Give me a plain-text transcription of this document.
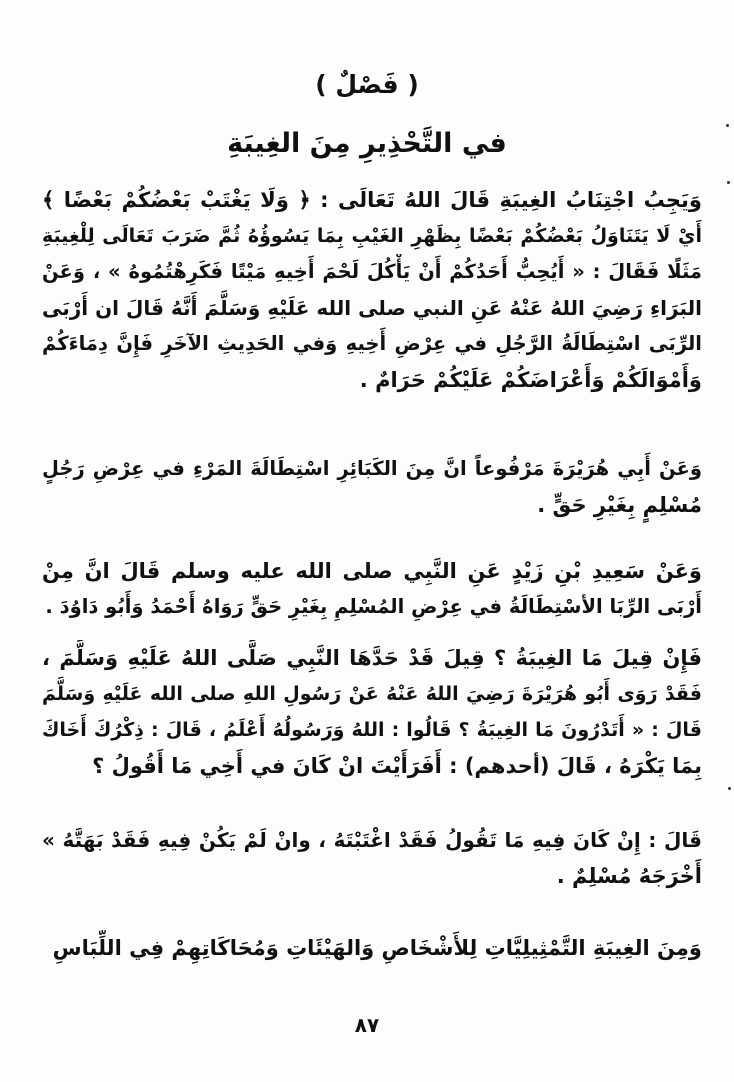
( فَصْلٌ )
في التَّحْذِيرِ مِنَ الغِيبَةِ
وَيَجِبُ اجْتِنَابُ الغِيبَةِ قَالَ اللهُ تَعَالَى : ﴿ وَلَا يَغْتَبْ بَعْضُكُمْ بَعْضًا ﴾
أَيْ لَا يَتَنَاوَلُ بَعْضُكُمْ بَعْضًا بِظَهْرِ الغَيْبِ بِمَا يَسُوؤُهُ ثُمَّ ضَرَبَ تَعَالَى لِلْغِيبَةِ
مَثَلًا فَقَالَ : « أَيُحِبُّ أَحَدُكُمْ أَنْ يَأْكُلَ لَحْمَ أَخِيهِ مَيْتًا فَكَرِهْتُمُوهُ » ، وَعَنْ
البَرَاءِ رَضِيَ اللهُ عَنْهُ عَنِ النبي صلى الله عَلَيْهِ وَسَلَّمَ أَنَّهُ قَالَ ان أَرْبَى
الرِّبَى اسْتِطَالَةُ الرَّجُلِ في عِرْضِ أَخِيهِ وَفي الحَدِيثِ الآخَرِ فَإِنَّ دِمَاءَكُمْ
وَأَمْوَالَكُمْ وَأَعْرَاضَكُمْ عَلَيْكُمْ حَرَامٌ .
وَعَنْ أَبِي هُرَيْرَةَ مَرْفُوعاً انَّ مِنَ الكَبَائِرِ اسْتِطَالَةَ المَرْءِ في عِرْضِ رَجُلٍ
مُسْلِمٍ بِغَيْرِ حَقٍّ .
وَعَنْ سَعِيدِ بْنِ زَيْدٍ عَنِ النَّبِي صلى الله عليه وسلم قَالَ انَّ مِنْ
أَرْبَى الرِّبَا الأسْتِطَالَةُ في عِرْضِ المُسْلِمِ بِغَيْرِ حَقٍّ رَوَاهُ أَحْمَدُ وَأَبُو دَاوُدَ .
فَإِنْ قِيلَ مَا الغِيبَةُ ؟ قِيلَ قَدْ حَدَّهَا النَّبِي صَلَّى اللهُ عَلَيْهِ وَسَلَّمَ ،
فَقَدْ رَوَى أَبُو هُرَيْرَةَ رَضِيَ اللهُ عَنْهُ عَنْ رَسُولِ اللهِ صلى الله عَلَيْهِ وَسَلَّمَ
قَالَ : « أَتَدْرُونَ مَا الغِيبَةُ ؟ قَالُوا : اللهُ وَرَسُولُهُ أَعْلَمُ ، قَالَ : ذِكْرُكَ أَخَاكَ
بِمَا يَكْرَهُ ، قَالَ (أحدهم) : أَفَرَأَيْتَ انْ كَانَ في أَخِي مَا أَقُولُ ؟
قَالَ : إِنْ كَانَ فِيهِ مَا تَقُولُ فَقَدْ اغْتَبْتَهُ ، وانْ لَمْ يَكُنْ فِيهِ فَقَدْ بَهَتَّهُ »
أَخْرَجَهُ مُسْلِمٌ .
وَمِنَ الغِيبَةِ التَّمْثِيلِيَّاتِ لِلأَشْخَاصِ وَالهَيْئَاتِ وَمُحَاكَاتِهِمْ فِي اللِّبَاسِ
٨٧
